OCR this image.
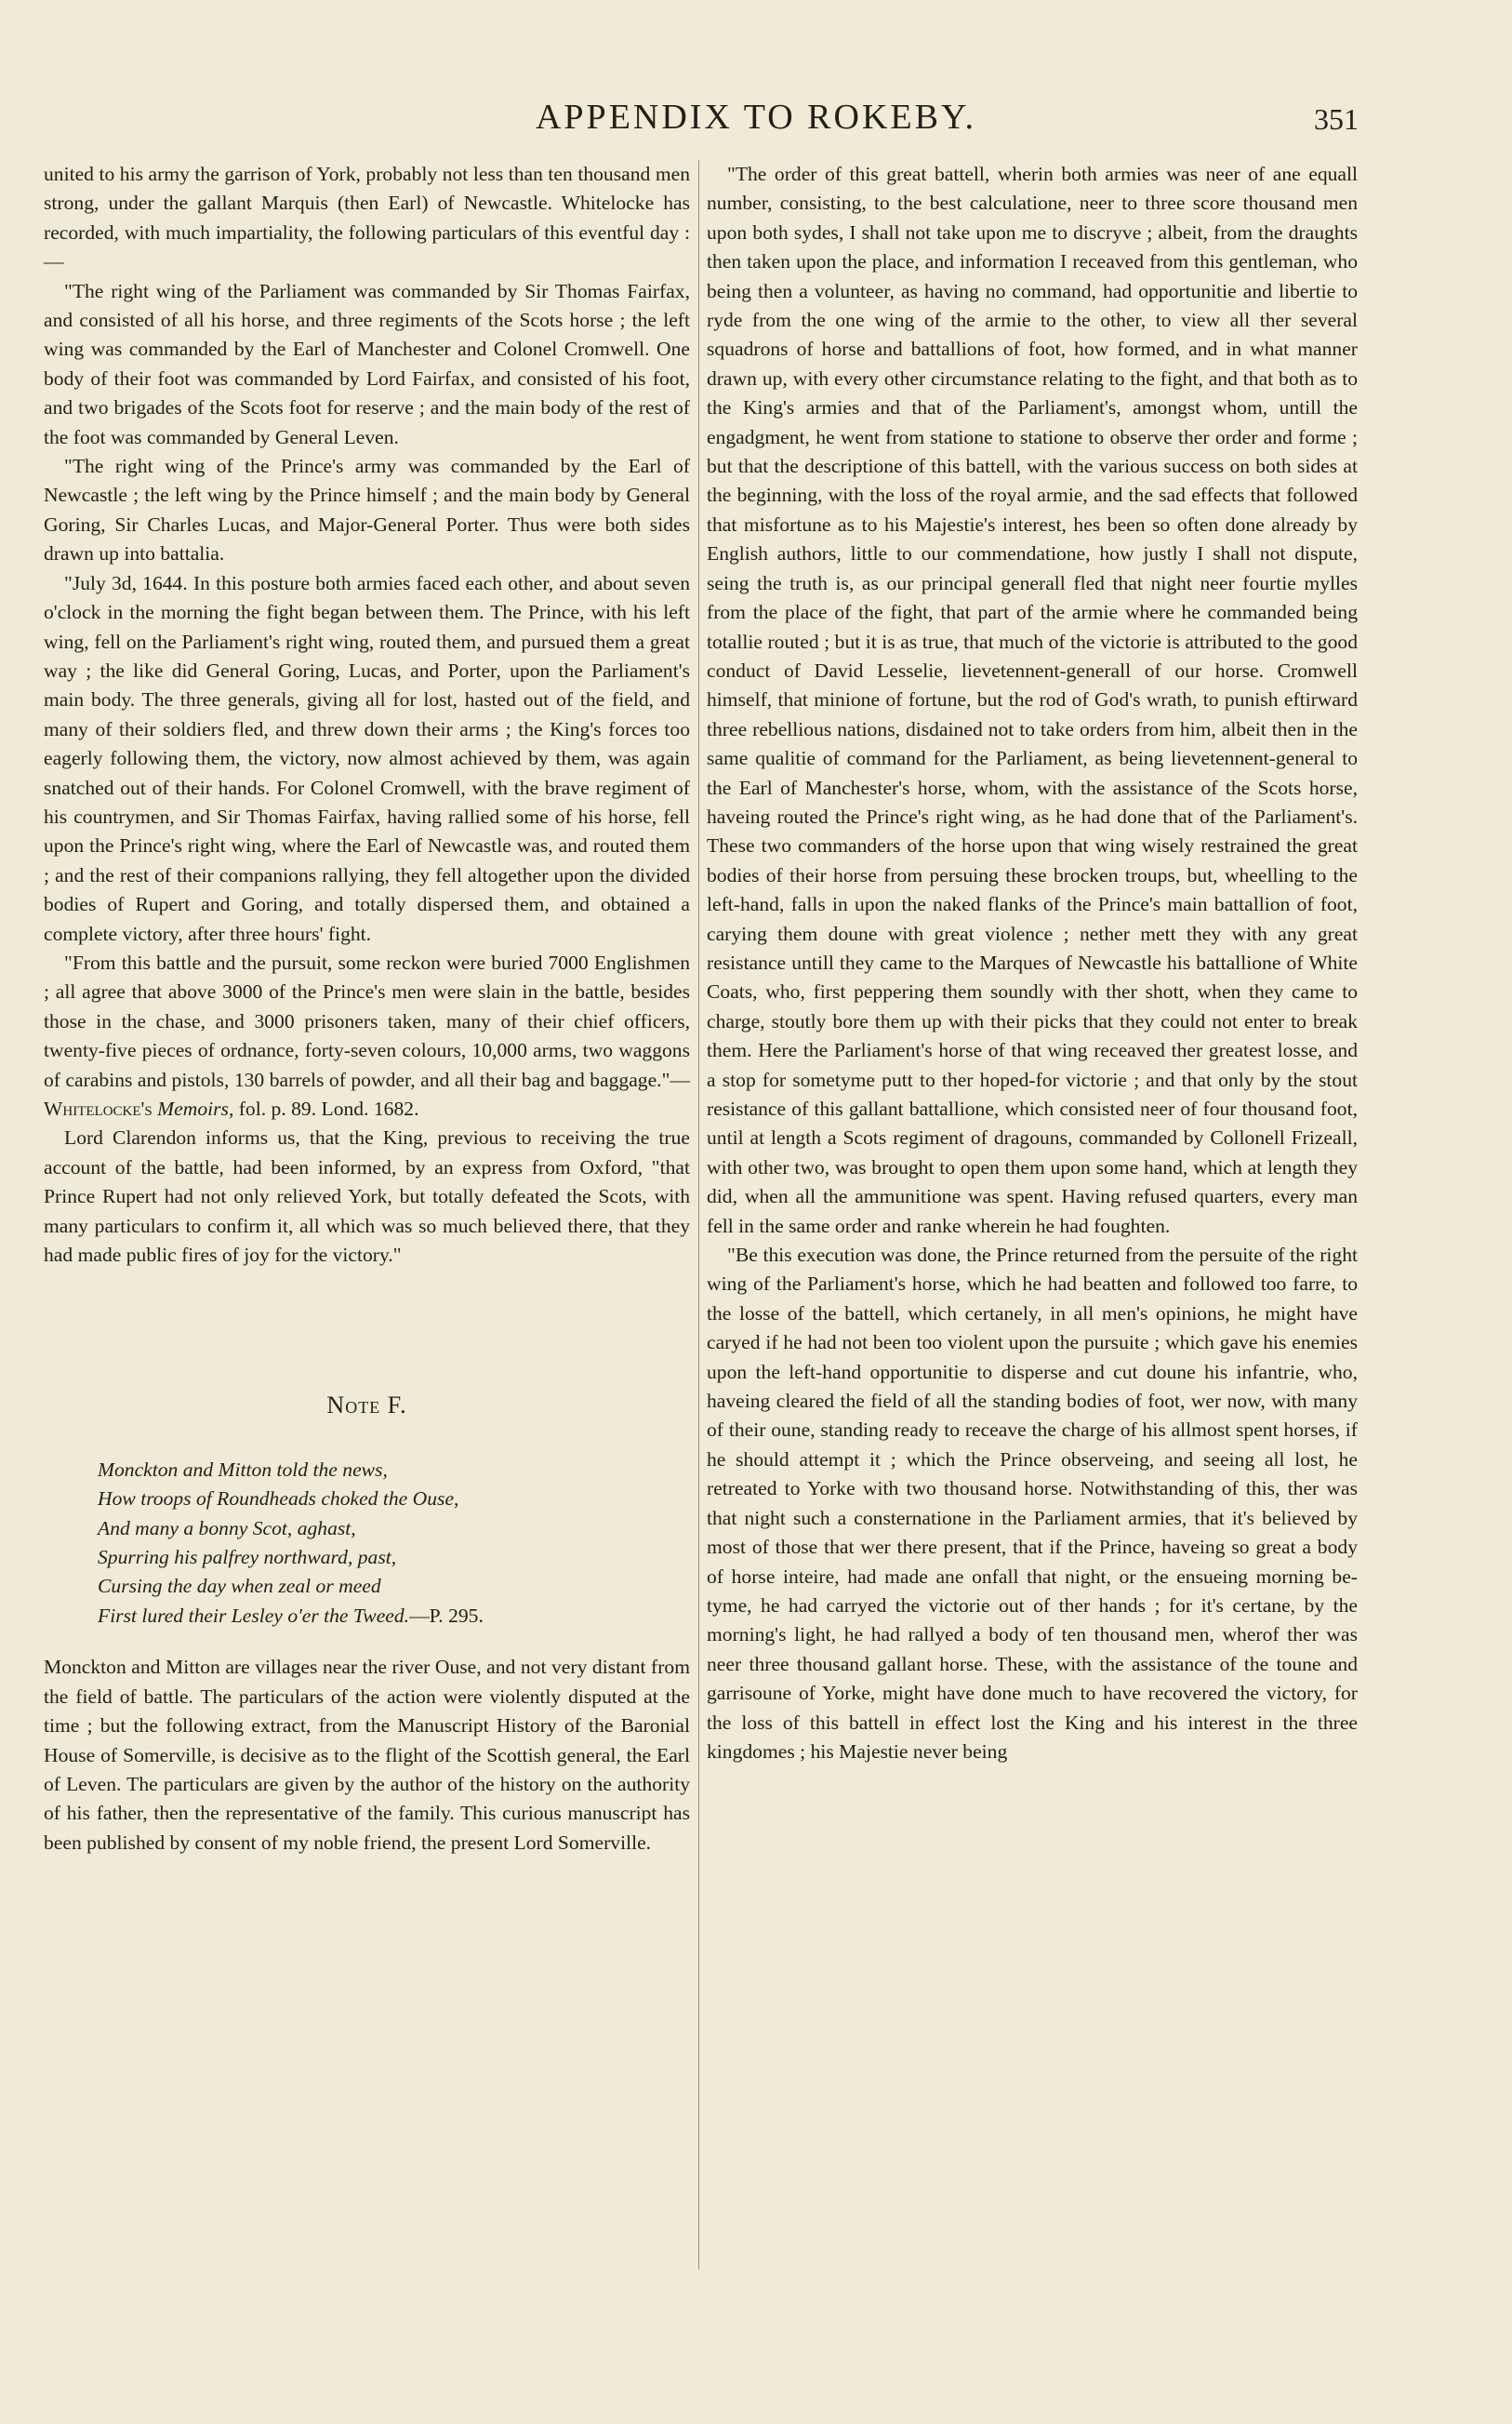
APPENDIX TO ROKEBY.	351

united to his army the garrison of York, probably not less than ten thousand men strong, under the gallant Marquis (then Earl) of Newcastle. Whitelocke has recorded, with much impartiality, the following particulars of this eventful day :—

"The right wing of the Parliament was commanded by Sir Thomas Fairfax, and consisted of all his horse, and three regiments of the Scots horse ; the left wing was commanded by the Earl of Manchester and Colonel Cromwell. One body of their foot was commanded by Lord Fairfax, and consisted of his foot, and two brigades of the Scots foot for reserve ; and the main body of the rest of the foot was commanded by General Leven.

"The right wing of the Prince's army was commanded by the Earl of Newcastle ; the left wing by the Prince himself ; and the main body by General Goring, Sir Charles Lucas, and Major-General Porter. Thus were both sides drawn up into battalia.

"July 3d, 1644. In this posture both armies faced each other, and about seven o'clock in the morning the fight began between them. The Prince, with his left wing, fell on the Parliament's right wing, routed them, and pursued them a great way ; the like did General Goring, Lucas, and Porter, upon the Parliament's main body. The three generals, giving all for lost, hasted out of the field, and many of their soldiers fled, and threw down their arms ; the King's forces too eagerly following them, the victory, now almost achieved by them, was again snatched out of their hands. For Colonel Cromwell, with the brave regiment of his countrymen, and Sir Thomas Fairfax, having rallied some of his horse, fell upon the Prince's right wing, where the Earl of Newcastle was, and routed them ; and the rest of their companions rallying, they fell altogether upon the divided bodies of Rupert and Goring, and totally dispersed them, and obtained a complete victory, after three hours' fight.

"From this battle and the pursuit, some reckon were buried 7000 Englishmen ; all agree that above 3000 of the Prince's men were slain in the battle, besides those in the chase, and 3000 prisoners taken, many of their chief officers, twenty-five pieces of ordnance, forty-seven colours, 10,000 arms, two waggons of carabins and pistols, 130 barrels of powder, and all their bag and baggage."—Whitelocke's Memoirs, fol. p. 89. Lond. 1682.

Lord Clarendon informs us, that the King, previous to receiving the true account of the battle, had been informed, by an express from Oxford, "that Prince Rupert had not only relieved York, but totally defeated the Scots, with many particulars to confirm it, all which was so much believed there, that they had made public fires of joy for the victory."

Note F.
Monckton and Mitton told the news,
How troops of Roundheads choked the Ouse,
And many a bonny Scot, aghast,
Spurring his palfrey northward, past,
Cursing the day when zeal or meed
First lured their Lesley o'er the Tweed.—P. 295.

Monckton and Mitton are villages near the river Ouse, and not very distant from the field of battle. The particulars of the action were violently disputed at the time ; but the following extract, from the Manuscript History of the Baronial House of Somerville, is decisive as to the flight of the Scottish general, the Earl of Leven. The particulars are given by the author of the history on the authority of his father, then the representative of the family. This curious manuscript has been published by consent of my noble friend, the present Lord Somerville.

"The order of this great battell, wherin both armies was neer of ane equall number, consisting, to the best calculatione, neer to three score thousand men upon both sydes, I shall not take upon me to discryve ; albeit, from the draughts then taken upon the place, and information I receaved from this gentleman, who being then a volunteer, as having no command, had opportunitie and libertie to ryde from the one wing of the armie to the other, to view all ther several squadrons of horse and battallions of foot, how formed, and in what manner drawn up, with every other circumstance relating to the fight, and that both as to the King's armies and that of the Parliament's, amongst whom, untill the engadgment, he went from statione to statione to observe ther order and forme ; but that the descriptione of this battell, with the various success on both sides at the beginning, with the loss of the royal armie, and the sad effects that followed that misfortune as to his Majestie's interest, hes been so often done already by English authors, little to our commendatione, how justly I shall not dispute, seing the truth is, as our principal generall fled that night neer fourtie mylles from the place of the fight, that part of the armie where he commanded being totallie routed ; but it is as true, that much of the victorie is attributed to the good conduct of David Lesselie, lievetennent-generall of our horse. Cromwell himself, that minione of fortune, but the rod of God's wrath, to punish eftirward three rebellious nations, disdained not to take orders from him, albeit then in the same qualitie of command for the Parliament, as being lievetennent-general to the Earl of Manchester's horse, whom, with the assistance of the Scots horse, haveing routed the Prince's right wing, as he had done that of the Parliament's. These two commanders of the horse upon that wing wisely restrained the great bodies of their horse from persuing these brocken troups, but, wheelling to the left-hand, falls in upon the naked flanks of the Prince's main battallion of foot, carying them doune with great violence ; nether mett they with any great resistance untill they came to the Marques of Newcastle his battallione of White Coats, who, first peppering them soundly with ther shott, when they came to charge, stoutly bore them up with their picks that they could not enter to break them. Here the Parliament's horse of that wing receaved ther greatest losse, and a stop for sometyme putt to ther hoped-for victorie ; and that only by the stout resistance of this gallant battallione, which consisted neer of four thousand foot, until at length a Scots regiment of dragouns, commanded by Collonell Frizeall, with other two, was brought to open them upon some hand, which at length they did, when all the ammunitione was spent. Having refused quarters, every man fell in the same order and ranke wherein he had foughten.

"Be this execution was done, the Prince returned from the persuite of the right wing of the Parliament's horse, which he had beatten and followed too farre, to the losse of the battell, which certanely, in all men's opinions, he might have caryed if he had not been too violent upon the pursuite ; which gave his enemies upon the left-hand opportunitie to disperse and cut doune his infantrie, who, haveing cleared the field of all the standing bodies of foot, wer now, with many of their oune, standing ready to receave the charge of his allmost spent horses, if he should attempt it ; which the Prince observeing, and seeing all lost, he retreated to Yorke with two thousand horse. Notwithstanding of this, ther was that night such a consternatione in the Parliament armies, that it's believed by most of those that wer there present, that if the Prince, haveing so great a body of horse inteire, had made ane onfall that night, or the ensueing morning be-tyme, he had carryed the victorie out of ther hands ; for it's certane, by the morning's light, he had rallyed a body of ten thousand men, wherof ther was neer three thousand gallant horse. These, with the assistance of the toune and garrisoune of Yorke, might have done much to have recovered the victory, for the loss of this battell in effect lost the King and his interest in the three kingdomes ; his Majestie never being
